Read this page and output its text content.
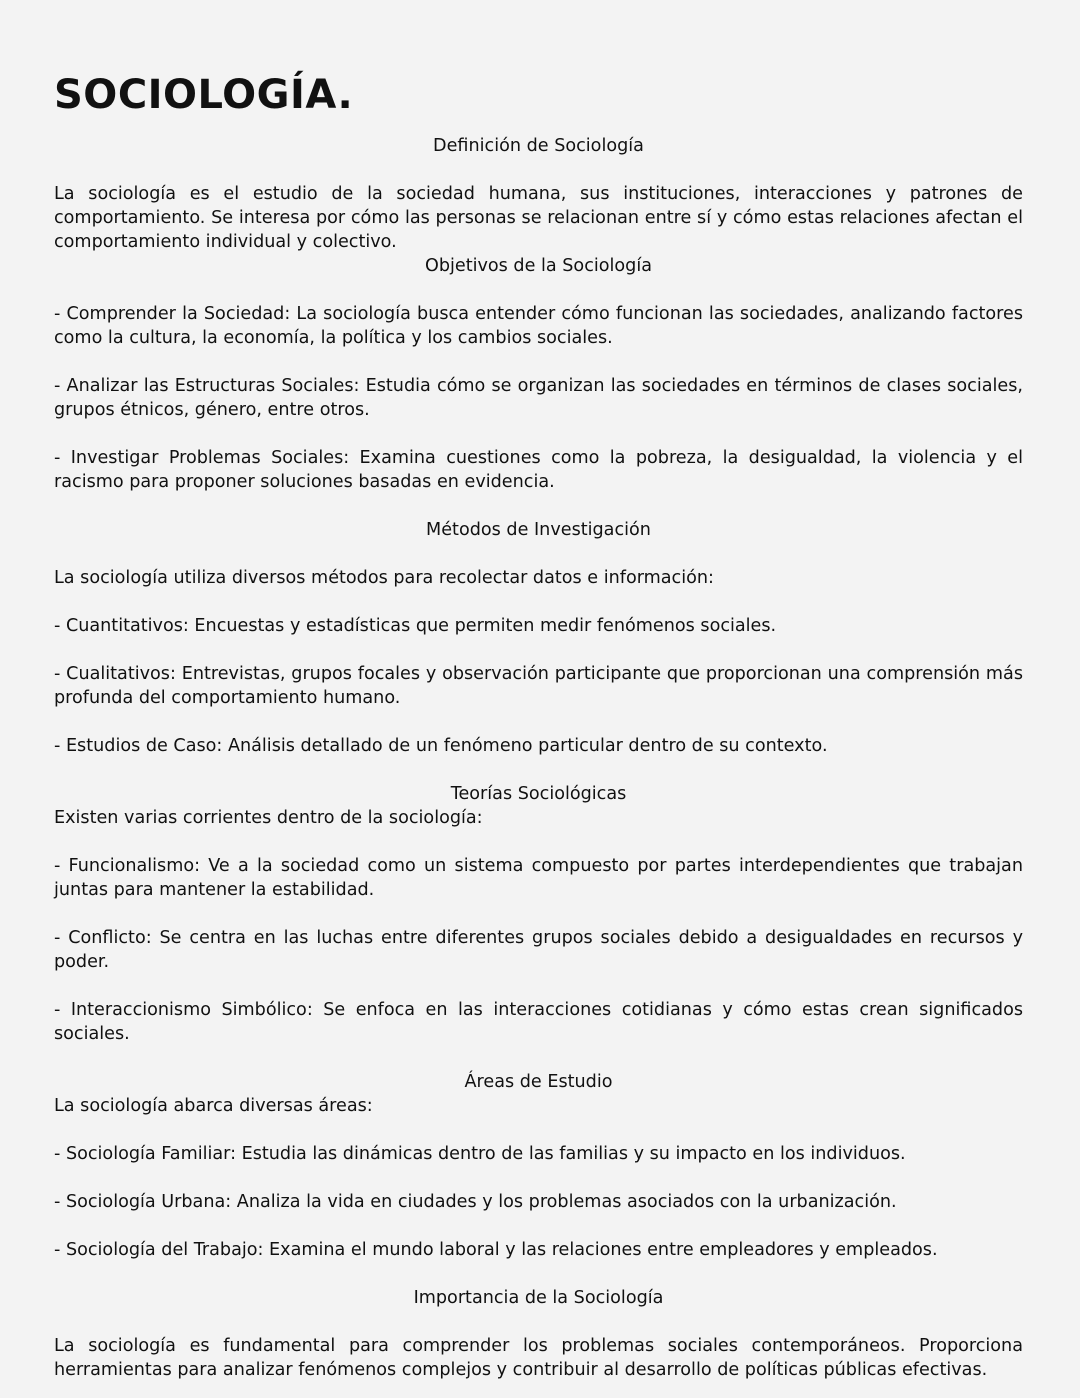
SOCIOLOGÍA.
Definición de Sociología

La sociología es el estudio de la sociedad humana, sus instituciones, interacciones y patrones de comportamiento. Se interesa por cómo las personas se relacionan entre sí y cómo estas relaciones afectan el comportamiento individual y colectivo.

Objetivos de la Sociología

- Comprender la Sociedad: La sociología busca entender cómo funcionan las sociedades, analizando factores como la cultura, la economía, la política y los cambios sociales.

- Analizar las Estructuras Sociales: Estudia cómo se organizan las sociedades en términos de clases sociales, grupos étnicos, género, entre otros.

- Investigar Problemas Sociales: Examina cuestiones como la pobreza, la desigualdad, la violencia y el racismo para proponer soluciones basadas en evidencia.

Métodos de Investigación

La sociología utiliza diversos métodos para recolectar datos e información:

- Cuantitativos: Encuestas y estadísticas que permiten medir fenómenos sociales.

- Cualitativos: Entrevistas, grupos focales y observación participante que proporcionan una comprensión más profunda del comportamiento humano.

- Estudios de Caso: Análisis detallado de un fenómeno particular dentro de su contexto.

Teorías Sociológicas

Existen varias corrientes dentro de la sociología:

- Funcionalismo: Ve a la sociedad como un sistema compuesto por partes interdependientes que trabajan juntas para mantener la estabilidad.

- Conflicto: Se centra en las luchas entre diferentes grupos sociales debido a desigualdades en recursos y poder.

- Interaccionismo Simbólico: Se enfoca en las interacciones cotidianas y cómo estas crean significados sociales.

Áreas de Estudio

La sociología abarca diversas áreas:

- Sociología Familiar: Estudia las dinámicas dentro de las familias y su impacto en los individuos.

- Sociología Urbana: Analiza la vida en ciudades y los problemas asociados con la urbanización.

- Sociología del Trabajo: Examina el mundo laboral y las relaciones entre empleadores y empleados.

Importancia de la Sociología

La sociología es fundamental para comprender los problemas sociales contemporáneos. Proporciona herramientas para analizar fenómenos complejos y contribuir al desarrollo de políticas públicas efectivas.
